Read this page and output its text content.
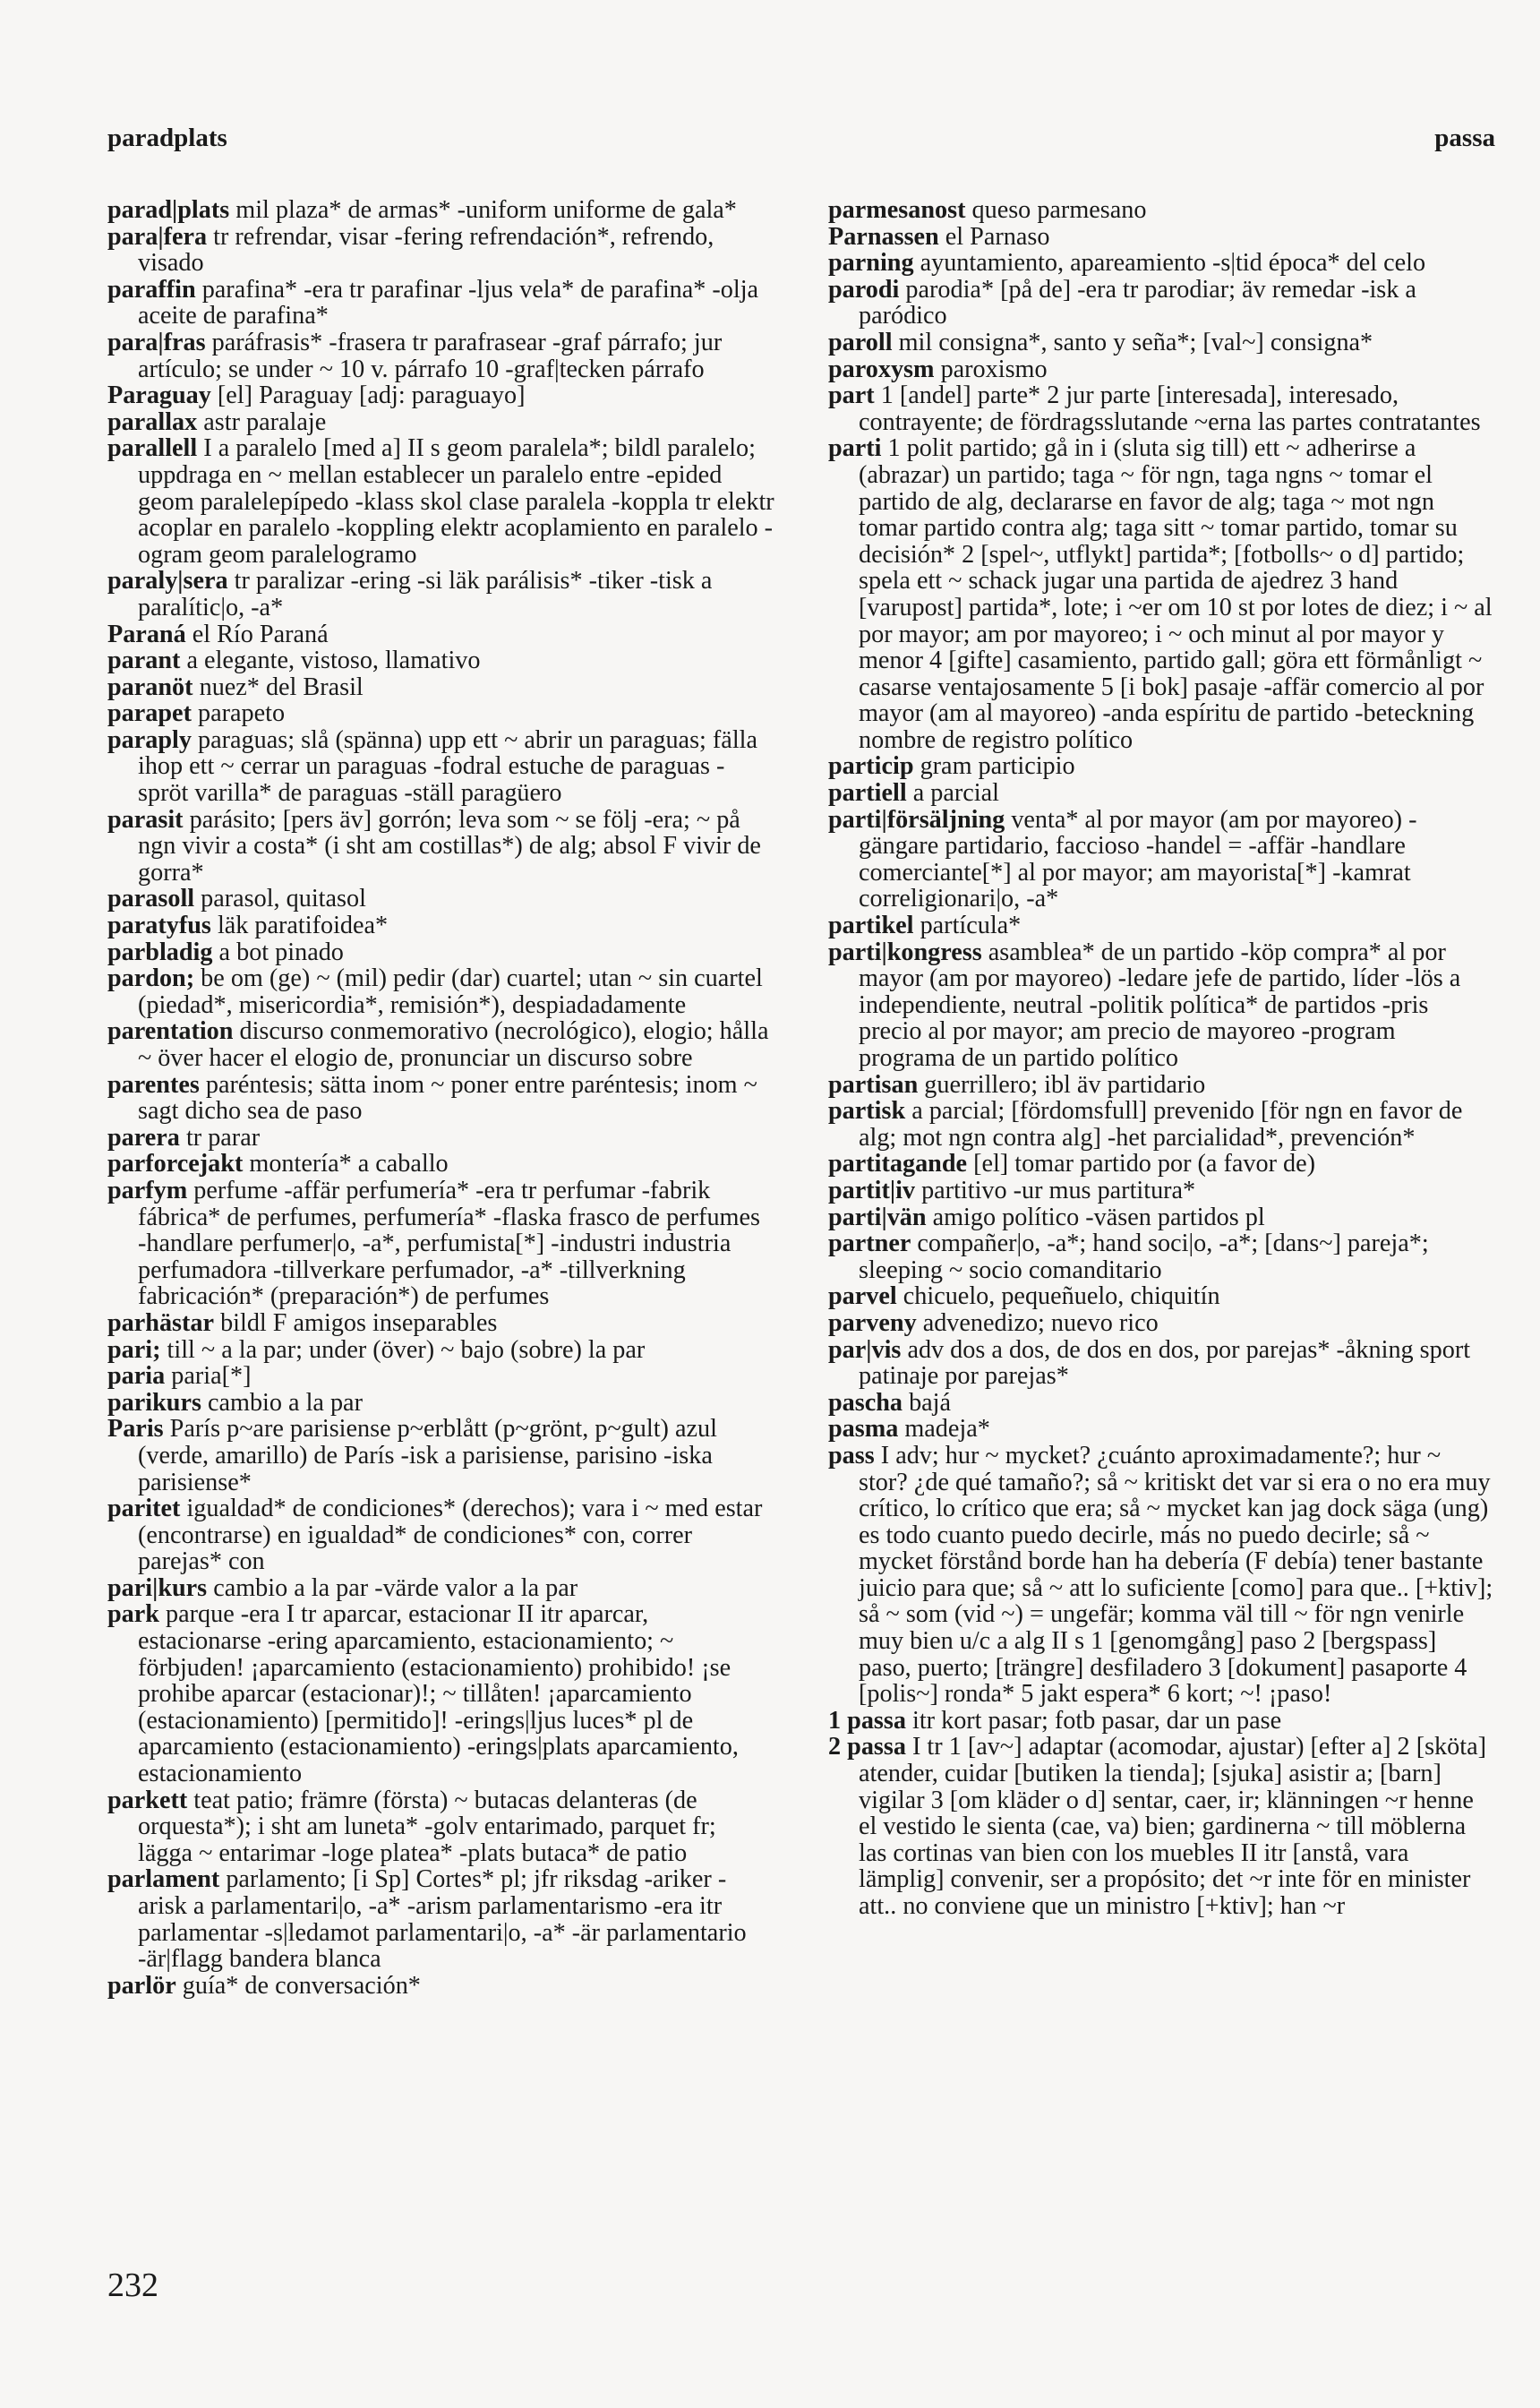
paradplats	passa

parad|plats mil plaza* de armas* -uniform uniforme de gala*

para|fera tr refrendar, visar -fering refrendación*, refrendo, visado

paraffin parafina* -era tr parafinar -ljus vela* de parafina* -olja aceite de parafina*

para|fras paráfrasis* -frasera tr parafrasear -graf párrafo; jur artículo; se under ~ 10 v. párrafo 10 -graf|tecken párrafo

Paraguay [el] Paraguay [adj: paraguayo]

parallax astr paralaje

parallell I a paralelo [med a] II s geom paralela*; bildl paralelo; uppdraga en ~ mellan establecer un paralelo entre -epided geom paralelepípedo -klass skol clase paralela -koppla tr elektr acoplar en paralelo -koppling elektr acoplamiento en paralelo -ogram geom paralelogramo

paraly|sera tr paralizar -ering -si läk parálisis* -tiker -tisk a paralític|o, -a*

Paraná el Río Paraná

parant a elegante, vistoso, llamativo

paranöt nuez* del Brasil

parapet parapeto

paraply paraguas; slå (spänna) upp ett ~ abrir un paraguas; fälla ihop ett ~ cerrar un paraguas -fodral estuche de paraguas -spröt varilla* de paraguas -ställ paragüero

parasit parásito; [pers äv] gorrón; leva som ~ se följ -era; ~ på ngn vivir a costa* (i sht am costillas*) de alg; absol F vivir de gorra*

parasoll parasol, quitasol

paratyfus läk paratifoidea*

parbladig a bot pinado

pardon; be om (ge) ~ (mil) pedir (dar) cuartel; utan ~ sin cuartel (piedad*, misericordia*, remisión*), despiadadamente

parentation discurso conmemorativo (necrológico), elogio; hålla ~ över hacer el elogio de, pronunciar un discurso sobre

parentes paréntesis; sätta inom ~ poner entre paréntesis; inom ~ sagt dicho sea de paso

parera tr parar

parforcejakt montería* a caballo

parfym perfume -affär perfumería* -era tr perfumar -fabrik fábrica* de perfumes, perfumería* -flaska frasco de perfumes -handlare perfumer|o, -a*, perfumista[*] -industri industria perfumadora -tillverkare perfumador, -a* -tillverkning fabricación* (preparación*) de perfumes

parhästar bildl F amigos inseparables

pari; till ~ a la par; under (över) ~ bajo (sobre) la par

paria paria[*]

parikurs cambio a la par

Paris París p~are parisiense p~erblått (p~grönt, p~gult) azul (verde, amarillo) de París -isk a parisiense, parisino -iska parisiense*

paritet igualdad* de condiciones* (derechos); vara i ~ med estar (encontrarse) en igualdad* de condiciones* con, correr parejas* con

pari|kurs cambio a la par -värde valor a la par

park parque -era I tr aparcar, estacionar II itr aparcar, estacionarse -ering aparcamiento, estacionamiento; ~ förbjuden! ¡aparcamiento (estacionamiento) prohibido! ¡se prohibe aparcar (estacionar)!; ~ tillåten! ¡aparcamiento (estacionamiento) [permitido]! -erings|ljus luces* pl de aparcamiento (estacionamiento) -erings|plats aparcamiento, estacionamiento

parkett teat patio; främre (första) ~ butacas delanteras (de orquesta*); i sht am luneta* -golv entarimado, parquet fr; lägga ~ entarimar -loge platea* -plats butaca* de patio

parlament parlamento; [i Sp] Cortes* pl; jfr riksdag -ariker -arisk a parlamentari|o, -a* -arism parlamentarismo -era itr parlamentar -s|ledamot parlamentari|o, -a* -är parlamentario -är|flagg bandera blanca

parlör guía* de conversación*

parmesanost queso parmesano

Parnassen el Parnaso

parning ayuntamiento, apareamiento -s|tid época* del celo

parodi parodia* [på de] -era tr parodiar; äv remedar -isk a paródico

paroll mil consigna*, santo y seña*; [val~] consigna*

paroxysm paroxismo

part 1 [andel] parte* 2 jur parte [interesada], interesado, contrayente; de fördragsslutande ~erna las partes contratantes

parti 1 polit partido; gå in i (sluta sig till) ett ~ adherirse a (abrazar) un partido; taga ~ för ngn, taga ngns ~ tomar el partido de alg, declararse en favor de alg; taga ~ mot ngn tomar partido contra alg; taga sitt ~ tomar partido, tomar su decisión* 2 [spel~, utflykt] partida*; [fotbolls~ o d] partido; spela ett ~ schack jugar una partida de ajedrez 3 hand [varupost] partida*, lote; i ~er om 10 st por lotes de diez; i ~ al por mayor; am por mayoreo; i ~ och minut al por mayor y menor 4 [gifte] casamiento, partido gall; göra ett förmånligt ~ casarse ventajosamente 5 [i bok] pasaje -affär comercio al por mayor (am al mayoreo) -anda espíritu de partido -beteckning nombre de registro político

particip gram participio

partiell a parcial

parti|försäljning venta* al por mayor (am por mayoreo) -gängare partidario, faccioso -handel = -affär -handlare comerciante[*] al por mayor; am mayorista[*] -kamrat correligionari|o, -a*

partikel partícula*

parti|kongress asamblea* de un partido -köp compra* al por mayor (am por mayoreo) -ledare jefe de partido, líder -lös a independiente, neutral -politik política* de partidos -pris precio al por mayor; am precio de mayoreo -program programa de un partido político

partisan guerrillero; ibl äv partidario

partisk a parcial; [fördomsfull] prevenido [för ngn en favor de alg; mot ngn contra alg] -het parcialidad*, prevención*

partitagande [el] tomar partido por (a favor de)

partit|iv partitivo -ur mus partitura*

parti|vän amigo político -väsen partidos pl

partner compañer|o, -a*; hand soci|o, -a*; [dans~] pareja*; sleeping ~ socio comanditario

parvel chicuelo, pequeñuelo, chiquitín

parveny advenedizo; nuevo rico

par|vis adv dos a dos, de dos en dos, por parejas* -åkning sport patinaje por parejas*

pascha bajá

pasma madeja*

pass I adv; hur ~ mycket? ¿cuánto aproximadamente?; hur ~ stor? ¿de qué tamaño?; så ~ kritiskt det var si era o no era muy crítico, lo crítico que era; så ~ mycket kan jag dock säga (ung) es todo cuanto puedo decirle, más no puedo decirle; så ~ mycket förstånd borde han ha debería (F debía) tener bastante juicio para que; så ~ att lo suficiente [como] para que.. [+ktiv]; så ~ som (vid ~) = ungefär; komma väl till ~ för ngn venirle muy bien u/c a alg II s 1 [genomgång] paso 2 [bergspass] paso, puerto; [trängre] desfiladero 3 [dokument] pasaporte 4 [polis~] ronda* 5 jakt espera* 6 kort; ~! ¡paso!

1 passa itr kort pasar; fotb pasar, dar un pase

2 passa I tr 1 [av~] adaptar (acomodar, ajustar) [efter a] 2 [sköta] atender, cuidar [butiken la tienda]; [sjuka] asistir a; [barn] vigilar 3 [om kläder o d] sentar, caer, ir; klänningen ~r henne el vestido le sienta (cae, va) bien; gardinerna ~ till möblerna las cortinas van bien con los muebles II itr [anstå, vara lämplig] convenir, ser a propósito; det ~r inte för en minister att.. no conviene que un ministro [+ktiv]; han ~r

232
